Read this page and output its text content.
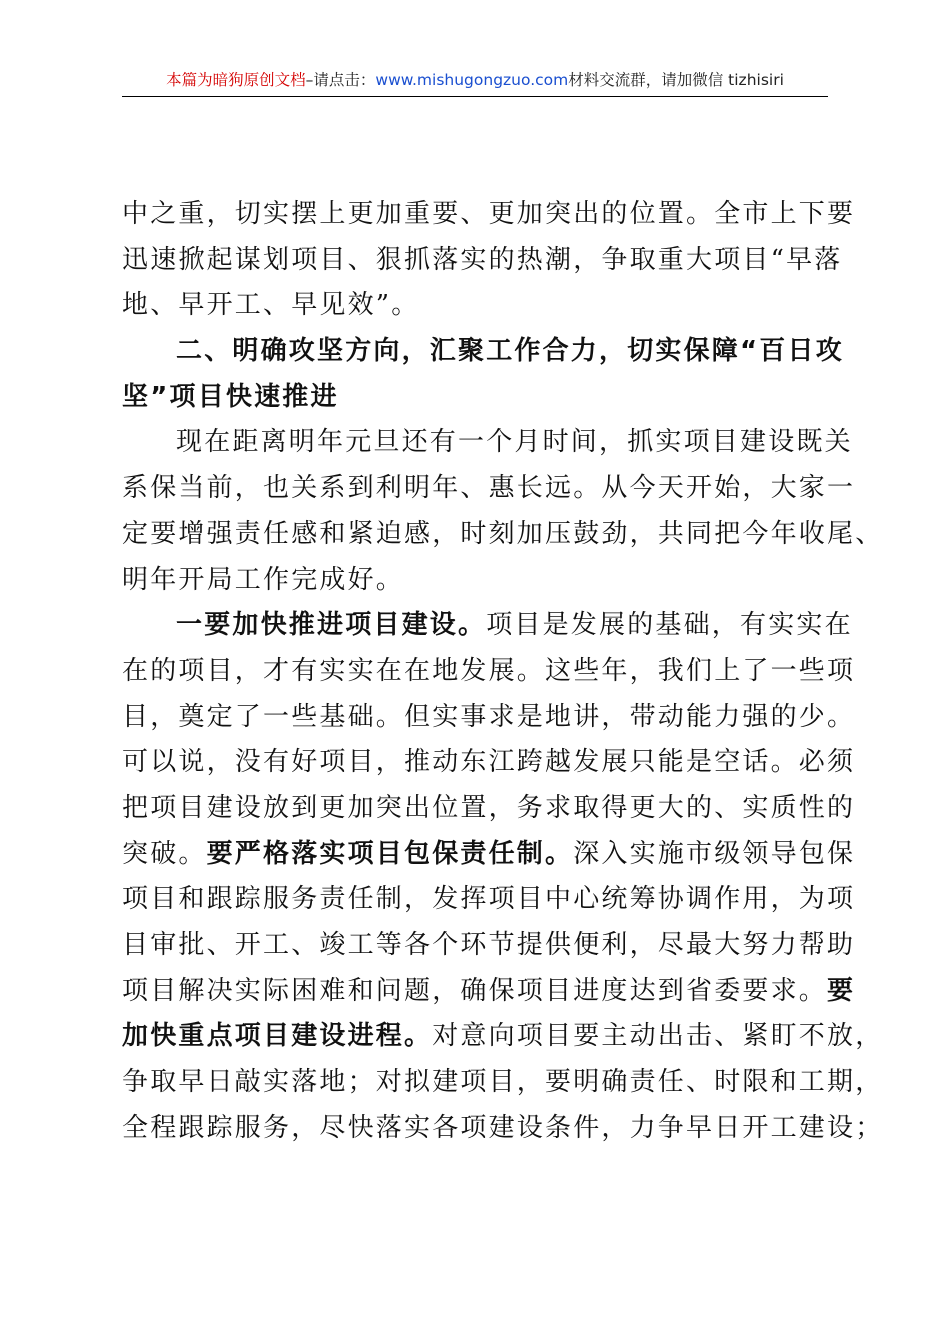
本篇为暗狗原创文档–请点击：www.mishugongzuo.com材料交流群，请加微信 tizhisiri
中之重，切实摆上更加重要、更加突出的位置。全市上下要
迅速掀起谋划项目、狠抓落实的热潮，争取重大项目“早落
地、早开工、早见效”。
二、明确攻坚方向，汇聚工作合力，切实保障“百日攻
坚”项目快速推进
现在距离明年元旦还有一个月时间，抓实项目建设既关
系保当前，也关系到利明年、惠长远。从今天开始，大家一
定要增强责任感和紧迫感，时刻加压鼓劲，共同把今年收尾、
明年开局工作完成好。
一要加快推进项目建设。项目是发展的基础，有实实在
在的项目，才有实实在在地发展。这些年，我们上了一些项
目，奠定了一些基础。但实事求是地讲，带动能力强的少。
可以说，没有好项目，推动东江跨越发展只能是空话。必须
把项目建设放到更加突出位置，务求取得更大的、实质性的
突破。要严格落实项目包保责任制。深入实施市级领导包保
项目和跟踪服务责任制，发挥项目中心统筹协调作用，为项
目审批、开工、竣工等各个环节提供便利，尽最大努力帮助
项目解决实际困难和问题，确保项目进度达到省委要求。要
加快重点项目建设进程。对意向项目要主动出击、紧盯不放，
争取早日敲实落地；对拟建项目，要明确责任、时限和工期，
全程跟踪服务，尽快落实各项建设条件，力争早日开工建设；
